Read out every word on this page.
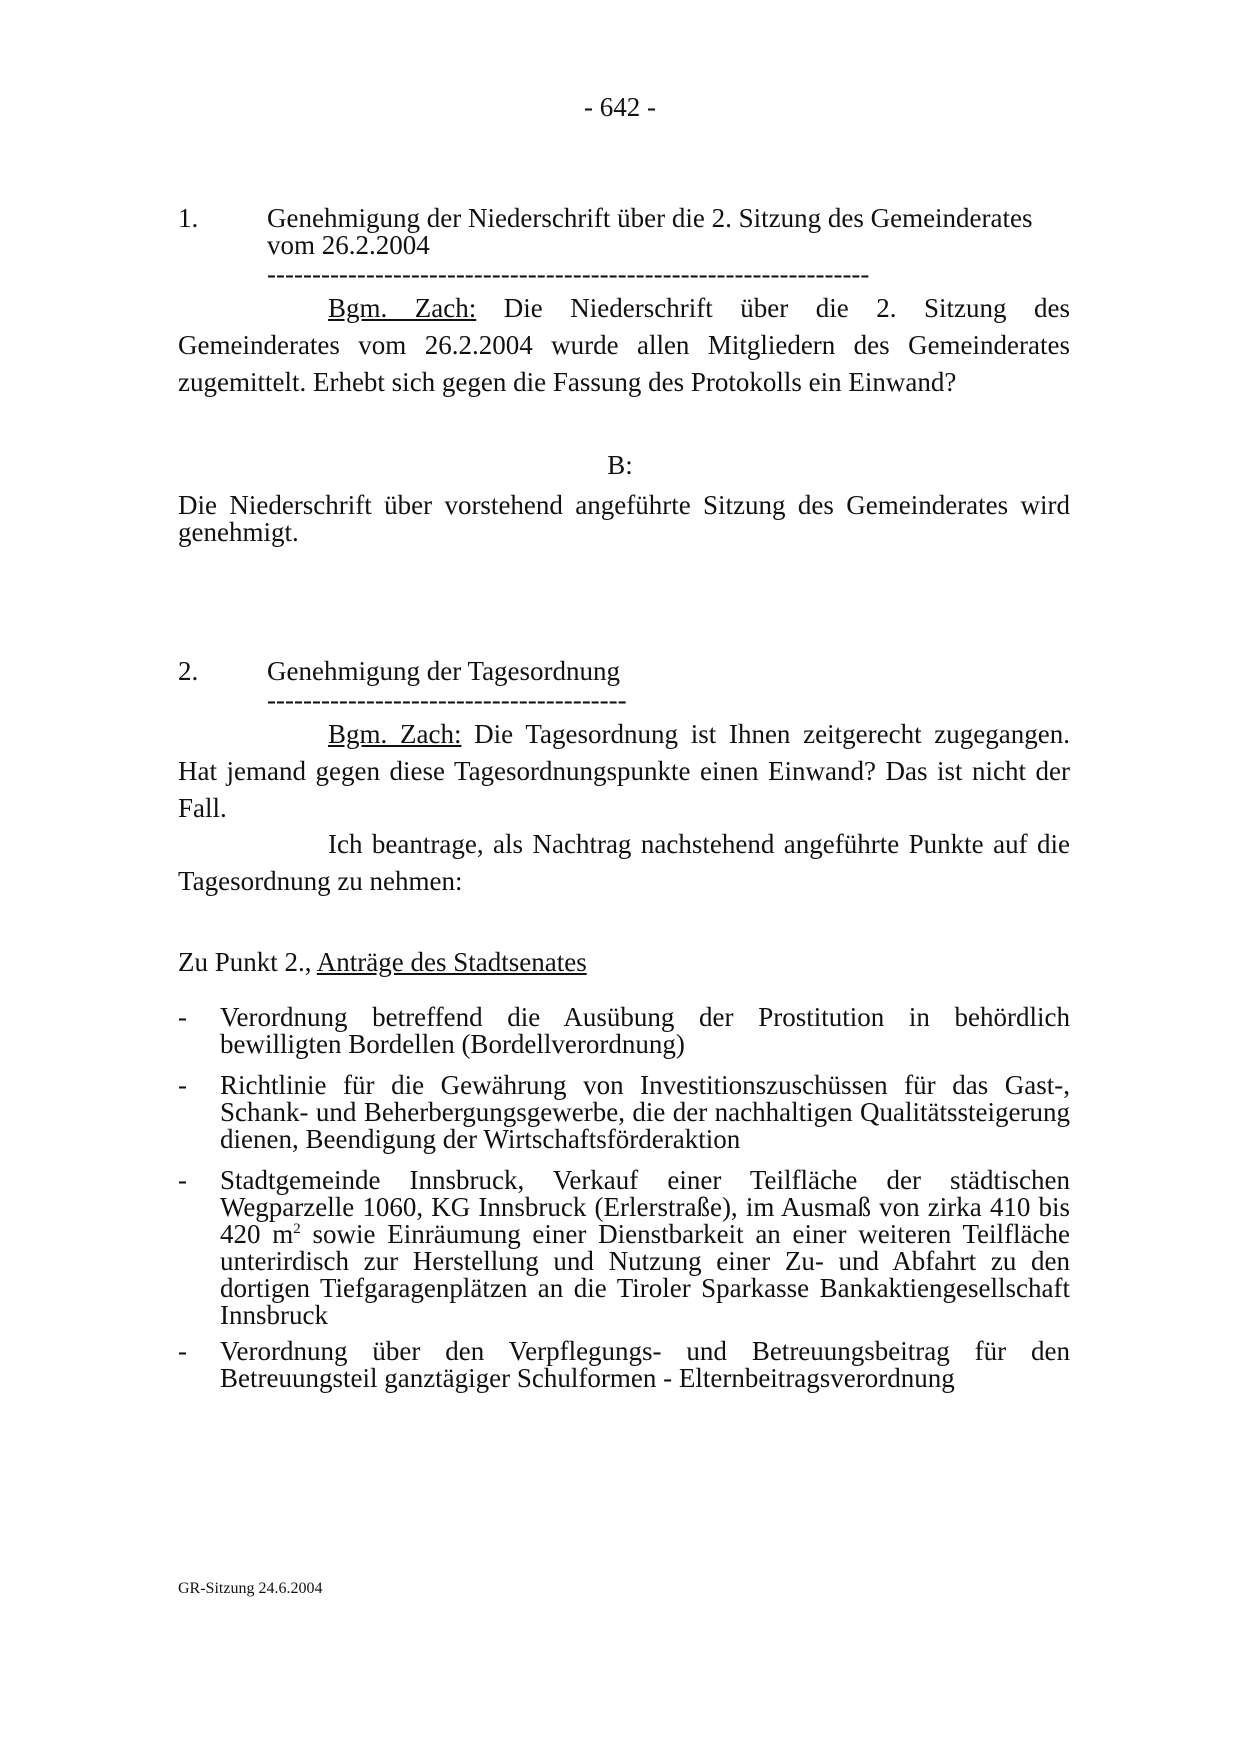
- 642 -
1.	Genehmigung der Niederschrift über die 2. Sitzung des Gemeinderates vom 26.2.2004
-------------------------------------------------------------------
Bgm. Zach: Die Niederschrift über die 2. Sitzung des Gemeinderates vom 26.2.2004 wurde allen Mitgliedern des Gemeinderates zugemittelt. Erhebt sich gegen die Fassung des Protokolls ein Einwand?
B:
Die Niederschrift über vorstehend angeführte Sitzung des Gemeinderates wird genehmigt.
2.	Genehmigung der Tagesordnung
----------------------------------------
Bgm. Zach: Die Tagesordnung ist Ihnen zeitgerecht zugegangen. Hat jemand gegen diese Tagesordnungspunkte einen Einwand? Das ist nicht der Fall.
Ich beantrage, als Nachtrag nachstehend angeführte Punkte auf die Tagesordnung zu nehmen:
Zu Punkt 2., Anträge des Stadtsenates
- Verordnung betreffend die Ausübung der Prostitution in behördlich bewilligten Bordellen (Bordellverordnung)
- Richtlinie für die Gewährung von Investitionszuschüssen für das Gast-, Schank- und Beherbergungsgewerbe, die der nachhaltigen Qualitätssteigerung dienen, Beendigung der Wirtschaftsförderaktion
- Stadtgemeinde Innsbruck, Verkauf einer Teilfläche der städtischen Wegparzelle 1060, KG Innsbruck (Erlerstraße), im Ausmaß von zirka 410 bis 420 $m^2$ sowie Einräumung einer Dienstbarkeit an einer weiteren Teilfläche unterirdisch zur Herstellung und Nutzung einer Zu- und Abfahrt zu den dortigen Tiefgaragenplätzen an die Tiroler Sparkasse Bankaktiengesellschaft Innsbruck
- Verordnung über den Verpflegungs- und Betreuungsbeitrag für den Betreuungsteil ganztägiger Schulformen - Elternbeitragsverordnung
GR-Sitzung 24.6.2004
